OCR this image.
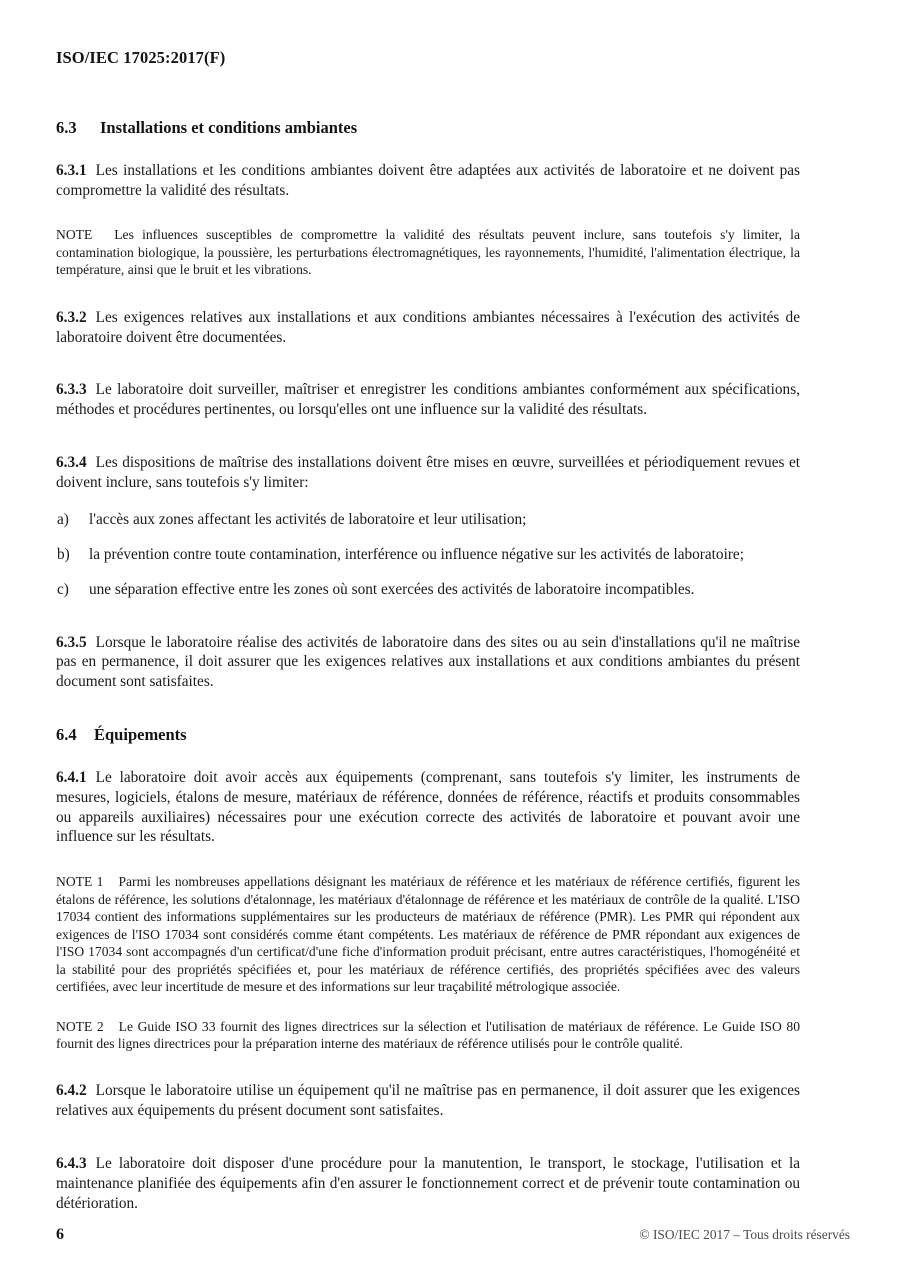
ISO/IEC 17025:2017(F)
6.3	Installations et conditions ambiantes

6.3.1 Les installations et les conditions ambiantes doivent être adaptées aux activités de laboratoire et ne doivent pas compromettre la validité des résultats.

NOTE Les influences susceptibles de compromettre la validité des résultats peuvent inclure, sans toutefois s'y limiter, la contamination biologique, la poussière, les perturbations électromagnétiques, les rayonnements, l'humidité, l'alimentation électrique, la température, ainsi que le bruit et les vibrations.

6.3.2 Les exigences relatives aux installations et aux conditions ambiantes nécessaires à l'exécution des activités de laboratoire doivent être documentées.

6.3.3 Le laboratoire doit surveiller, maîtriser et enregistrer les conditions ambiantes conformément aux spécifications, méthodes et procédures pertinentes, ou lorsqu'elles ont une influence sur la validité des résultats.

6.3.4 Les dispositions de maîtrise des installations doivent être mises en œuvre, surveillées et périodiquement revues et doivent inclure, sans toutefois s'y limiter:

a) l'accès aux zones affectant les activités de laboratoire et leur utilisation;
b) la prévention contre toute contamination, interférence ou influence négative sur les activités de laboratoire;
c) une séparation effective entre les zones où sont exercées des activités de laboratoire incompatibles.

6.3.5 Lorsque le laboratoire réalise des activités de laboratoire dans des sites ou au sein d'installations qu'il ne maîtrise pas en permanence, il doit assurer que les exigences relatives aux installations et aux conditions ambiantes du présent document sont satisfaites.

6.4	Équipements

6.4.1 Le laboratoire doit avoir accès aux équipements (comprenant, sans toutefois s'y limiter, les instruments de mesures, logiciels, étalons de mesure, matériaux de référence, données de référence, réactifs et produits consommables ou appareils auxiliaires) nécessaires pour une exécution correcte des activités de laboratoire et pouvant avoir une influence sur les résultats.

NOTE 1 Parmi les nombreuses appellations désignant les matériaux de référence et les matériaux de référence certifiés, figurent les étalons de référence, les solutions d'étalonnage, les matériaux d'étalonnage de référence et les matériaux de contrôle de la qualité. L'ISO 17034 contient des informations supplémentaires sur les producteurs de matériaux de référence (PMR). Les PMR qui répondent aux exigences de l'ISO 17034 sont considérés comme étant compétents. Les matériaux de référence de PMR répondant aux exigences de l'ISO 17034 sont accompagnés d'un certificat/d'une fiche d'information produit précisant, entre autres caractéristiques, l'homogénéité et la stabilité pour des propriétés spécifiées et, pour les matériaux de référence certifiés, des propriétés spécifiées avec des valeurs certifiées, avec leur incertitude de mesure et des informations sur leur traçabilité métrologique associée.

NOTE 2 Le Guide ISO 33 fournit des lignes directrices sur la sélection et l'utilisation de matériaux de référence. Le Guide ISO 80 fournit des lignes directrices pour la préparation interne des matériaux de référence utilisés pour le contrôle qualité.

6.4.2 Lorsque le laboratoire utilise un équipement qu'il ne maîtrise pas en permanence, il doit assurer que les exigences relatives aux équipements du présent document sont satisfaites.

6.4.3 Le laboratoire doit disposer d'une procédure pour la manutention, le transport, le stockage, l'utilisation et la maintenance planifiée des équipements afin d'en assurer le fonctionnement correct et de prévenir toute contamination ou détérioration.

6	© ISO/IEC 2017 – Tous droits réservés
